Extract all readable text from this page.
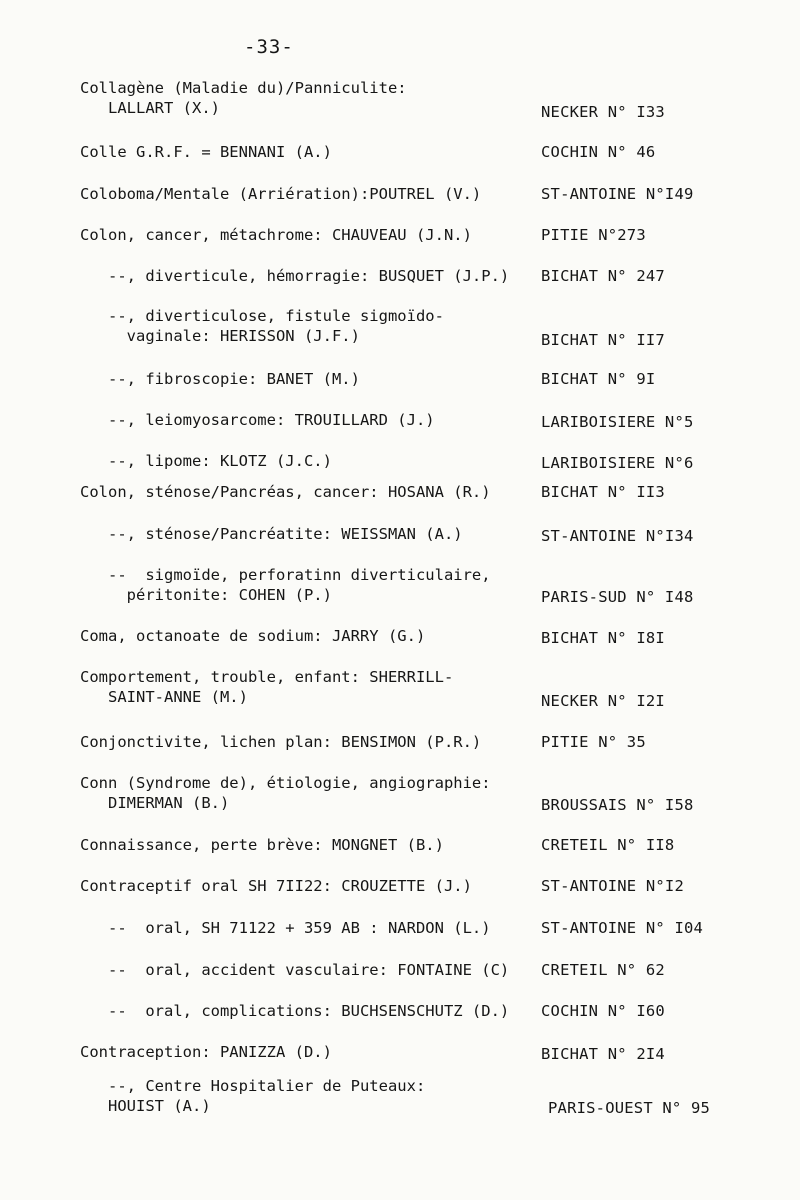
-33-
Collagène (Maladie du)/Panniculite:
LALLART (X.)	NECKER N° I33
Colle G.R.F. = BENNANI (A.)	COCHIN N° 46
Coloboma/Mentale (Arriération):POUTREL (V.)	ST-ANTOINE N°I49
Colon, cancer, métachrome: CHAUVEAU (J.N.)	PITIE N°273
--, diverticule, hémorragie: BUSQUET (J.P.) BICHAT N° 247
--, diverticulose, fistule sigmoïdo-
vaginale: HERISSON (J.F.)	BICHAT N° II7
--, fibroscopie: BANET (M.)	BICHAT N° 9I
--, leiomyosarcome: TROUILLARD (J.)	LARIBOISIERE N°5
--, lipome: KLOTZ (J.C.)	LARIBOISIERE N°6
Colon, sténose/Pancréas, cancer: HOSANA (R.)	BICHAT N° II3
--, sténose/Pancréatite: WEISSMAN (A.)	ST-ANTOINE N°I34
--  sigmoïde, perforatinn diverticulaire,
péritonite: COHEN (P.)	PARIS-SUD N° I48
Coma, octanoate de sodium: JARRY (G.)	BICHAT N° I8I
Comportement, trouble, enfant: SHERRILL-
SAINT-ANNE (M.)	NECKER N° I2I
Conjonctivite, lichen plan: BENSIMON (P.R.)	PITIE N° 35
Conn (Syndrome de), étiologie, angiographie:
DIMERMAN (B.)	BROUSSAIS N° I58
Connaissance, perte brève: MONGNET (B.)	CRETEIL N° II8
Contraceptif oral SH 7II22: CROUZETTE (J.)	ST-ANTOINE N°I2
--  oral, SH 71122 + 359 AB : NARDON (L.)	ST-ANTOINE N° I04
--  oral, accident vasculaire: FONTAINE (C) CRETEIL N° 62
--  oral, complications: BUCHSENSCHUTZ (D.) COCHIN N° I60
Contraception: PANIZZA (D.)	BICHAT N° 2I4
--, Centre Hospitalier de Puteaux:
HOUIST (A.)	PARIS-OUEST N° 95
